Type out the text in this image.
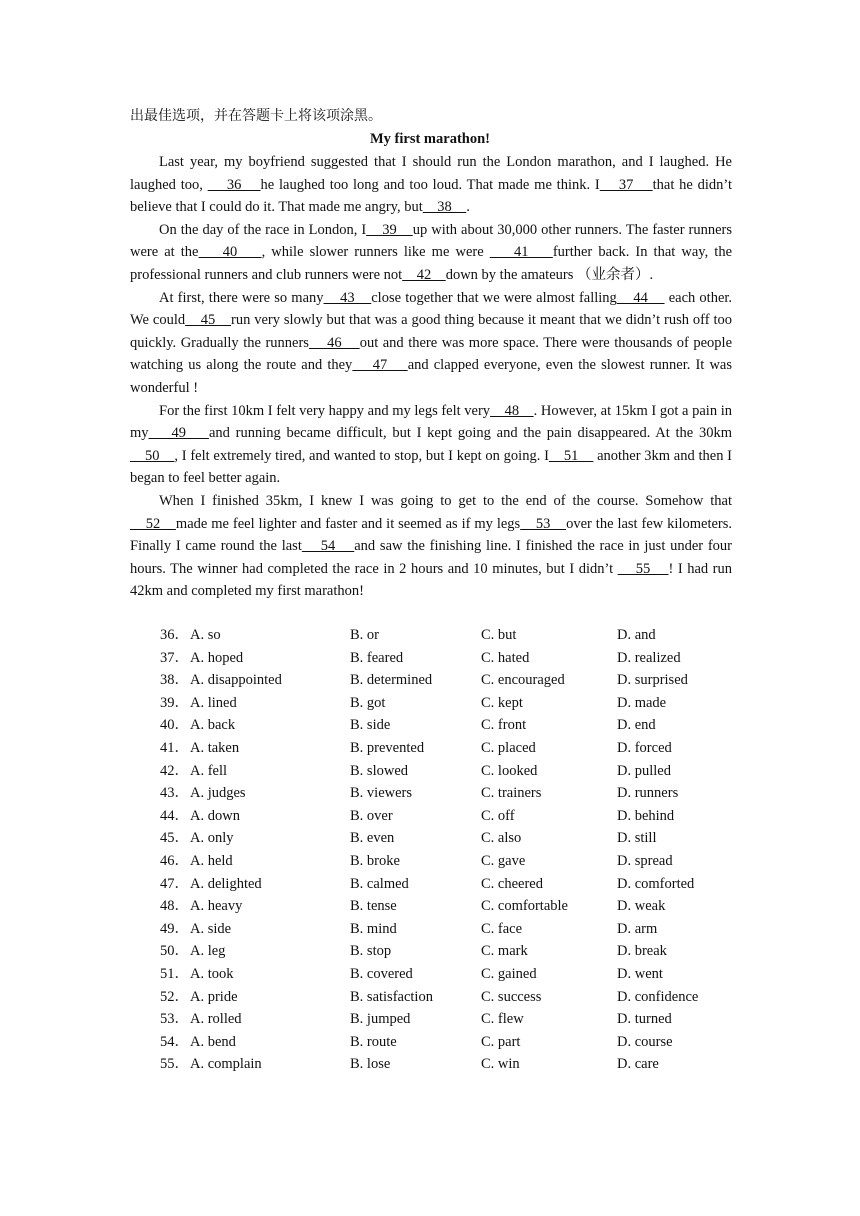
出最佳选项，并在答题卡上将该项涂黑。
My first marathon!

Last year, my boyfriend suggested that I should run the London marathon, and I laughed. He laughed too,     36    he laughed too long and too loud. That made me think. I    37    that he didn’t believe that I could do it. That made me angry, but    38    .

On the day of the race in London, I    39    up with about 30,000 other runners. The faster runners were at the    40    , while slower runners like me were     41    further back. In that way, the professional runners and club runners were not    42    down by the amateurs （业余者）.

At first, there were so many    43    close together that we were almost falling    44     each other. We could    45    run very slowly but that was a good thing because it meant that we didn’t rush off too quickly. Gradually the runners    46    out and there was more space. There were thousands of people watching us along the route and they    47    and clapped everyone, even the slowest runner. It was wonderful !

For the first 10km I felt very happy and my legs felt very    48    . However, at 15km I got a pain in my    49    and running became difficult, but I kept going and the pain disappeared. At the 30km    50    , I felt extremely tired, and wanted to stop, but I kept on going. I    51     another 3km and then I began to feel better again.

When I finished 35km, I knew I was going to get to the end of the course. Somehow that     52    made me feel lighter and faster and it seemed as if my legs    53    over the last few kilometers. Finally I came round the last    54    and saw the finishing line. I finished the race in just under four hours. The winner had completed the race in 2 hours and 10 minutes, but I didn’t     55    ! I had run 42km and completed my first marathon!

36． A. so	B. or	C. but	D. and
37． A. hoped	B. feared	C. hated	D. realized
38． A. disappointed	B. determined	C. encouraged	D. surprised
39． A. lined	B. got	C. kept	D. made
40． A. back	B. side	C. front	D. end
41． A. taken	B. prevented	C. placed	D. forced
42． A. fell	B. slowed	C. looked	D. pulled
43． A. judges	B. viewers	C. trainers	D. runners
44． A. down	B. over	C. off	D. behind
45． A. only	B. even	C. also	D. still
46． A. held	B. broke	C. gave	D. spread
47． A. delighted	B. calmed	C. cheered	D. comforted
48． A. heavy	B. tense	C. comfortable	D. weak
49． A. side	B. mind	C. face	D. arm
50． A. leg	B. stop	C. mark	D. break
51． A. took	B. covered	C. gained	D. went
52． A. pride	B. satisfaction	C. success	D. confidence
53． A. rolled	B. jumped	C. flew	D. turned
54． A. bend	B. route	C. part	D. course
55． A. complain	B. lose	C. win	D. care
